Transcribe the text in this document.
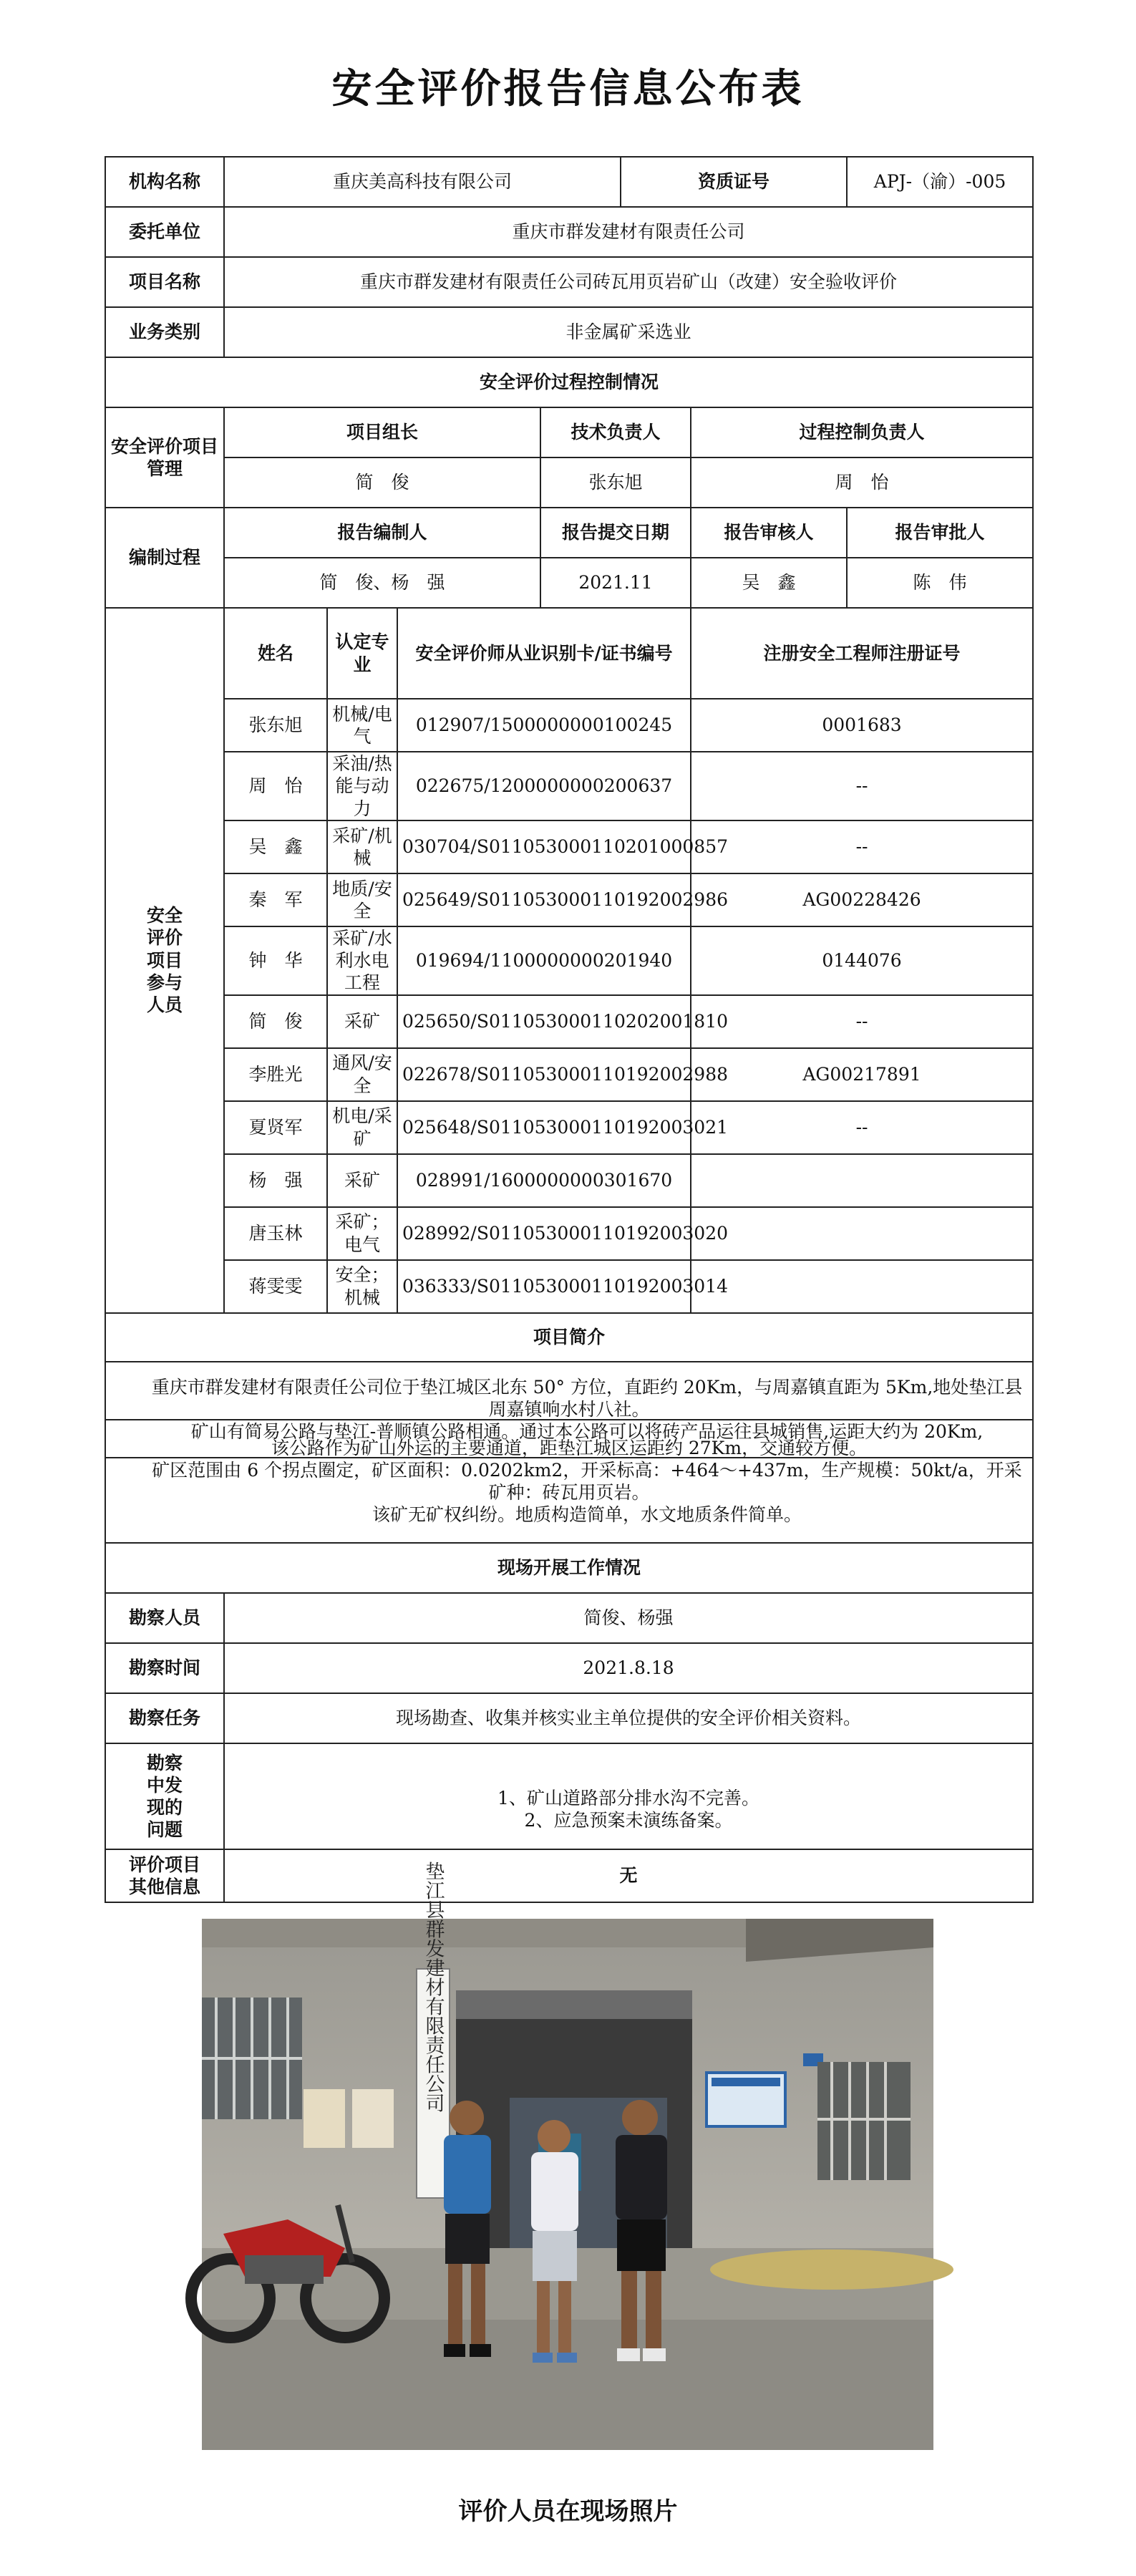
安全评价报告信息公布表
机构名称	重庆美高科技有限公司				资质证号		APJ-（渝）-005	
委托单位	重庆市群发建材有限责任公司							
项目名称	重庆市群发建材有限责任公司砖瓦用页岩矿山（改建）安全验收评价							
业务类别	非金属矿采选业							
安全评价过程控制情况								
安全评价项目管理	项目组长			技术负责人		过程控制负责人		
	简　俊			张东旭		周　怡		
编制过程	报告编制人			报告提交日期		报告审核人	报告审批人	
	简　俊、杨　强			2021.11		吴　鑫	陈　伟	
安全评价项目参与人员	姓名	认定专业	安全评价师从业识别卡/证书编号			注册安全工程师注册证号	
	张东旭	机械/电气	012907/1500000000100245			0001683	
	周　怡	采油/热能与动力	022675/1200000000200637			--	
	吴　鑫	采矿/机械	030704/S011053000110201000857			--	
	秦　军	地质/安全	025649/S011053000110192002986			AG00228426	
	钟　华	采矿/水利水电工程	019694/1100000000201940			0144076	
	简　俊	采矿	025650/S011053000110202001810			--	
	李胜光	通风/安全	022678/S011053000110192002988			AG00217891	
	夏贤军	机电/采矿	025648/S011053000110192003021			--	
	杨　强	采矿	028991/1600000000301670		
	唐玉林	采矿；电气	028992/S011053000110192003020		
	蒋雯雯	安全；机械	036333/S011053000110192003014		
项目简介								

重庆市群发建材有限责任公司位于垫江城区北东 50° 方位，直距约 20Km，与周嘉镇直距为 5Km,地处垫江县周嘉镇响水村八社。
矿山有简易公路与垫江-普顺镇公路相通。通过本公路可以将砖产品运往县城销售,运距大约为 20Km,								
该公路作为矿山外运的主要通道，距垫江城区运距约 27Km，交通较方便。
矿区范围由 6 个拐点圈定，矿区面积：0.0202km2，开采标高：+464～+437m，生产规模：50kt/a，开采矿种：砖瓦用页岩。
该矿无矿权纠纷。地质构造简单，水文地质条件简单。	

现场开展工作情况	
勘察人员	简俊、杨强
勘察时间	2021.8.18
勘察任务	现场勘查、收集并核实业主单位提供的安全评价相关资料。
勘察中发现的问题	1、矿山道路部分排水沟不完善。
2、应急预案未演练备案。

评价项目其他信息	无
垫江县群发建材有限责任公司
评价人员在现场照片
